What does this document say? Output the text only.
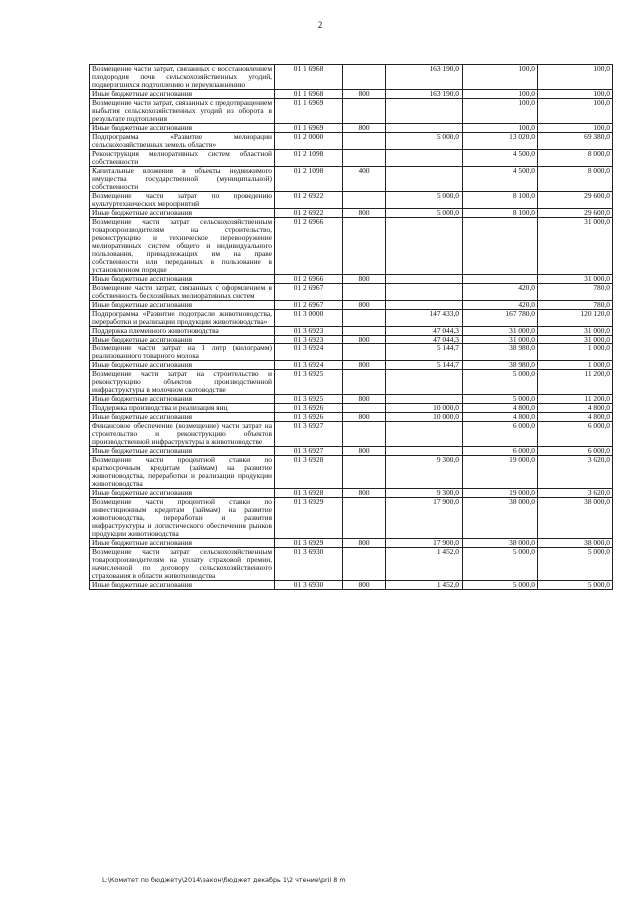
2
Возмещение части затрат, связанных с восстановлением плодородия почв сельскохозяйственных угодий, подверзгшихся подтоплению и переувлажнению	01 1 6968		163 190,0	100,0	100,0
Иные бюджетные ассигнования	01 1 6968	800	163 190,0	100,0	100,0
Возмещение части затрат, связанных с предотвращением выбытия сельскохозяйственных угодий из оборота в результате подтопления	01 1 6969			100,0	100,0
Иные бюджетные ассигнования	01 1 6969	800		100,0	100,0
Подпрограмма «Развитие мелиорации сельскохозяйственных земель области»	01 2 0000		5 000,0	13 020,0	69 380,0
Реконструкция мелиоративных систем областной собственности	01 2 1098			4 500,0	8 000,0
Капитальные вложения в объекты недвижимого имущества государственной (муниципальной) собственности	01 2 1098	400		4 500,0	8 000,0
Возмещение части затрат по проведению культуртехнических мероприятий	01 2 6922		5 000,0	8 100,0	29 600,0
Иные бюджетные ассигнования	01 2 6922	800	5 000,0	8 100,0	29 600,0
Возмещение части затрат сельскохозяйственным товаропроизводителям на строительство, реконструкцию и техническое перевооружение мелиоративных систем общего и индивидуального пользования, принадлежащих им на праве собственности или переданных в пользование в установленном порядке	01 2 6966				31 000,0
Иные бюджетные ассигнования	01 2 6966	800			31 000,0
Возмещение части затрат, связанных с оформлением в собственность бесхозяйных мелиоративных систем	01 2 6967			420,0	780,0
Иные бюджетные ассигнования	01 2 6967	800		420,0	780,0
Подпрограмма «Развитие подотрасли животноводства, переработки и реализации продукции животноводства»	01 3 0000		147 433,0	167 780,0	120 120,0
Поддержка племенного животноводства	01 3 6923		47 044,3	31 000,0	31 000,0
Иные бюджетные ассигнования	01 3 6923	800	47 044,3	31 000,0	31 000,0
Возмещение части затрат на 1 литр (килограмм) реализованного товарного молока	01 3 6924		5 144,7	38 980,0	1 000,0
Иные бюджетные ассигнования	01 3 6924	800	5 144,7	38 980,0	1 000,0
Возмещение части затрат на строительство и реконструкцию объектов производственной инфраструктуры в молочном скотоводстве	01 3 6925			5 000,0	11 200,0
Иные бюджетные ассигнования	01 3 6925	800		5 000,0	11 200,0
Поддержка производства и реализация яиц	01 3 6926		10 000,0	4 800,0	4 800,0
Иные бюджетные ассигнования	01 3 6926	800	10 000,0	4 800,0	4 800,0
Финансовое обеспечение (возмещение) части затрат на строительство и реконструкцию объектов производственной инфраструктуры в животноводстве	01 3 6927			6 000,0	6 000,0
Иные бюджетные ассигнования	01 3 6927	800		6 000,0	6 000,0
Возмещение части процентной ставки по краткосрочным кредитам (займам) на развитие животноводства, переработки и реализации продукции животноводства	01 3 6928		9 300,0	19 000,0	3 620,0
Иные бюджетные ассигнования	01 3 6928	800	9 300,0	19 000,0	3 620,0
Возмещение части процентной ставки по инвестиционным кредитам (займам) на развитие животноводства, переработки и развития инфраструктуры и логистического обеспечения рынков продукции животноводства	01 3 6929		17 900,0	38 000,0	38 000,0
Иные бюджетные ассигнования	01 3 6929	800	17 900,0	38 000,0	38 000,0
Возмещение части затрат сельскохозяйственным товаропроизводителям на уплату страховой премии, начисленной по договору сельскохозяйственного страхования в области животноводства	01 3 6930		1 452,0	5 000,0	5 000,0
Иные бюджетные ассигнования	01 3 6930	800	1 452,0	5 000,0	5 000,0
L:\Комитет по бюджету\2014\закон\бюджет декабрь 1\2 чтение\pril 8 m
